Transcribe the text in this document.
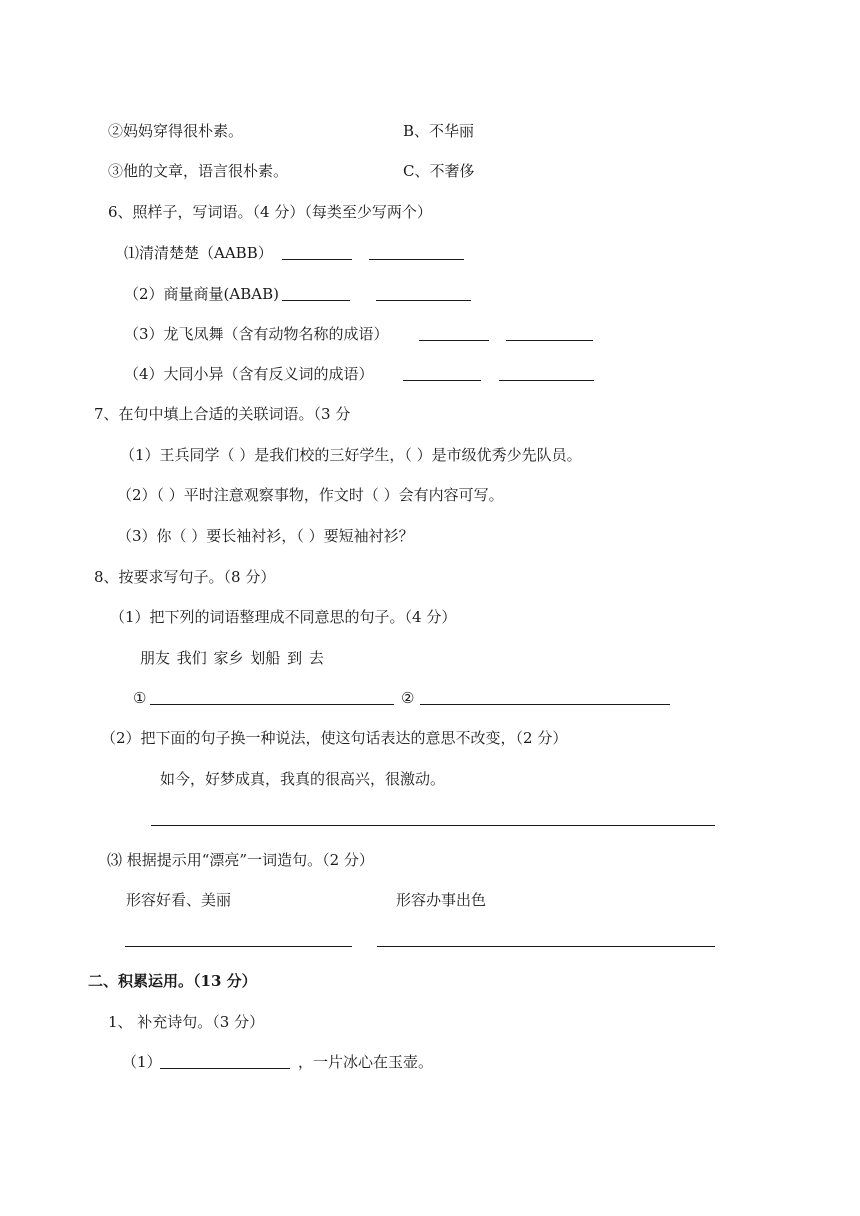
②妈妈穿得很朴素。	B、不华丽
③他的文章，语言很朴素。	C、不奢侈
6、照样子，写词语。（4 分）（每类至少写两个）
⑴清清楚楚（AABB）
（2）商量商量(ABAB)
（3）龙飞凤舞（含有动物名称的成语）
（4）大同小异（含有反义词的成语）
7、在句中填上合适的关联词语。（3 分
（1）王兵同学（ ）是我们校的三好学生，（ ）是市级优秀少先队员。
（2）（ ）平时注意观察事物，作文时（ ）会有内容可写。
（3）你（ ）要长袖衬衫，（ ）要短袖衬衫？
8、按要求写句子。（8 分）
（1）把下列的词语整理成不同意思的句子。（4 分）
朋友 我们 家乡 划船 到 去
①	②
（2）把下面的句子换一种说法，使这句话表达的意思不改变，（2 分）
如今，好梦成真，我真的很高兴，很激动。
⑶ 根据提示用“漂亮”一词造句。（2 分）
形容好看、美丽	形容办事出色
二、积累运用。（13 分）
1、 补充诗句。（3 分）
（1）	，一片冰心在玉壶。
